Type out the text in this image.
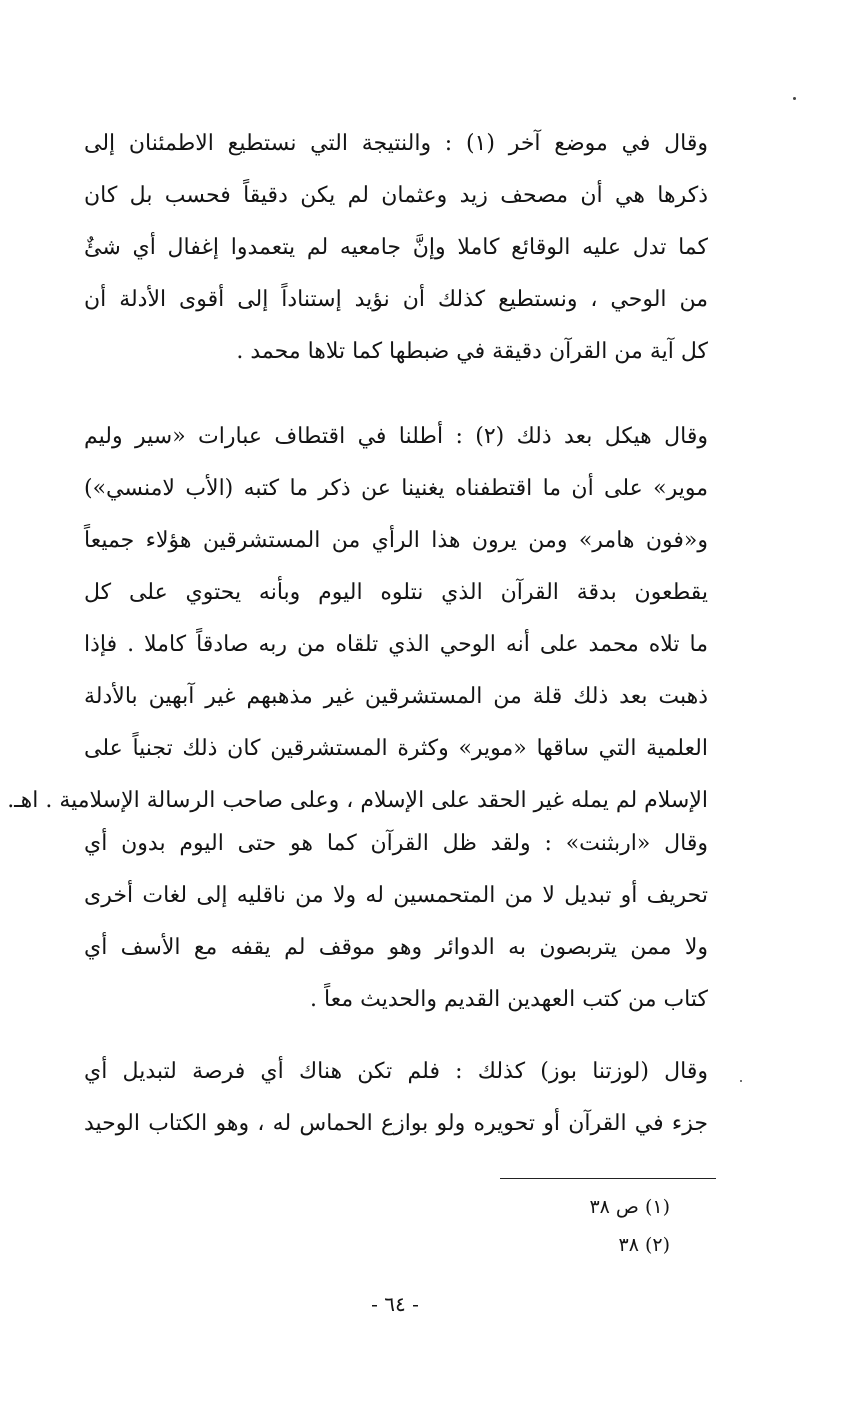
وقال في موضع آخر (١) : والنتيجة التي نستطيع الاطمئنان إلى
ذكرها هي أن مصحف زيد وعثمان لم يكن دقيقاً فحسب بل كان
كما تدل عليه الوقائع كاملا وإنَّ جامعيه لم يتعمدوا إغفال أي شئٌ
من الوحي ، ونستطيع كذلك أن نؤيد إستناداً إلى أقوى الأدلة أن
كل آية من القرآن دقيقة في ضبطها كما تلاها محمد .
وقال هيكل بعد ذلك (٢) : أطلنا في اقتطاف عبارات «سير وليم
موير» على أن ما اقتطفناه يغنينا عن ذكر ما كتبه (الأب لامنسي»)
و«فون هامر» ومن يرون هذا الرأي من المستشرقين هؤلاء جميعاً
يقطعون بدقة القرآن الذي نتلوه اليوم وبأنه يحتوي على كل
ما تلاه محمد على أنه الوحي الذي تلقاه من ربه صادقاً كاملا . فإذا
ذهبت بعد ذلك قلة من المستشرقين غير مذهبهم غير آبهين بالأدلة
العلمية التي ساقها «موير» وكثرة المستشرقين كان ذلك تجنياً على
الإسلام لم يمله غير الحقد على الإسلام ، وعلى صاحب الرسالة الإسلامية . اهـ.
وقال «اربثنت» : ولقد ظل القرآن كما هو حتى اليوم بدون أي
تحريف أو تبديل لا من المتحمسين له ولا من ناقليه إلى لغات أخرى
ولا ممن يتربصون به الدوائر وهو موقف لم يقفه مع الأسف أي
كتاب من كتب العهدين القديم والحديث معاً .
وقال (لوزتنا بوز) كذلك : فلم تكن هناك أي فرصة لتبديل أي
جزء في القرآن أو تحويره ولو بوازع الحماس له ، وهو الكتاب الوحيد
(١) ص ٣٨
(٢) ٣٨
- ٦٤ -
